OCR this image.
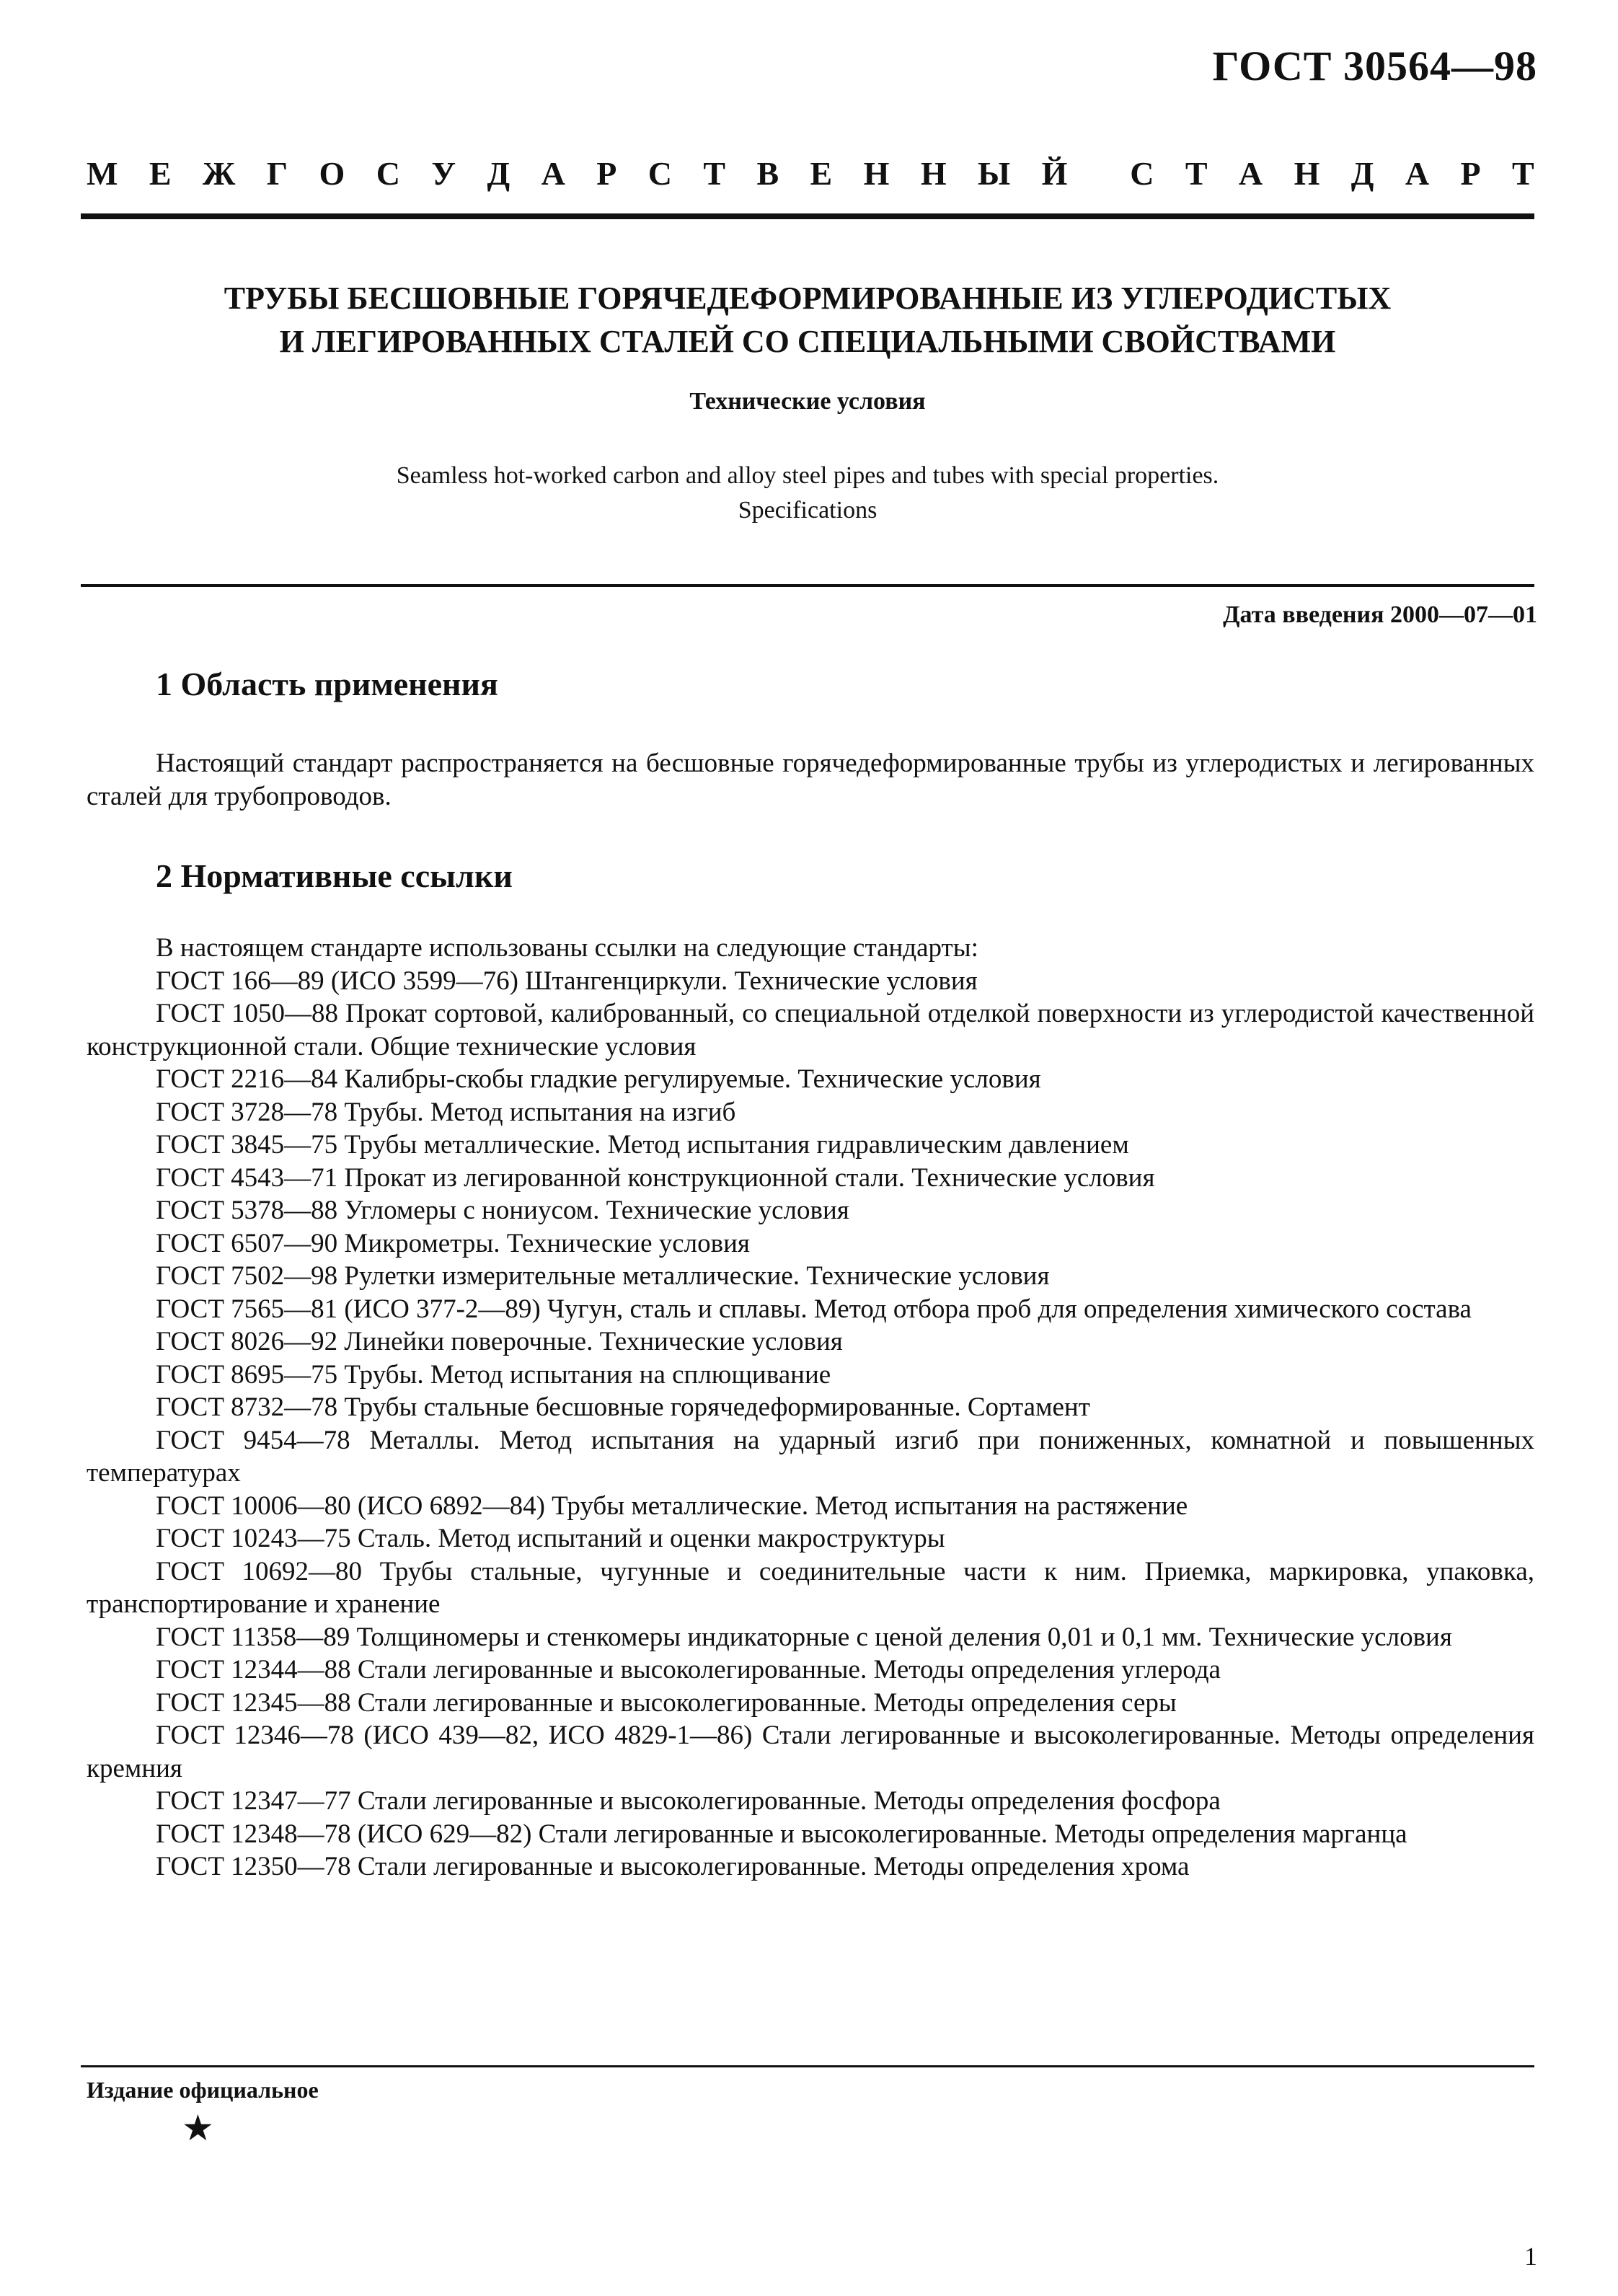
ГОСТ 30564—98
М Е Ж Г О С У Д А Р С Т В Е Н Н Ы Й С Т А Н Д А Р Т
ТРУБЫ БЕСШОВНЫЕ ГОРЯЧЕДЕФОРМИРОВАННЫЕ ИЗ УГЛЕРОДИСТЫХ
И ЛЕГИРОВАННЫХ СТАЛЕЙ СО СПЕЦИАЛЬНЫМИ СВОЙСТВАМИ
Технические условия
Seamless hot-worked carbon and alloy steel pipes and tubes with special properties.
Specifications
Дата введения 2000—07—01
1 Область применения

Настоящий стандарт распространяется на бесшовные горячедеформированные трубы из углеродистых и легированных сталей для трубопроводов.

2 Нормативные ссылки

В настоящем стандарте использованы ссылки на следующие стандарты:

ГОСТ 166—89 (ИСО 3599—76) Штангенциркули. Технические условия

ГОСТ 1050—88 Прокат сортовой, калиброванный, со специальной отделкой поверхности из углеродистой качественной конструкционной стали. Общие технические условия

ГОСТ 2216—84 Калибры-скобы гладкие регулируемые. Технические условия

ГОСТ 3728—78 Трубы. Метод испытания на изгиб

ГОСТ 3845—75 Трубы металлические. Метод испытания гидравлическим давлением

ГОСТ 4543—71 Прокат из легированной конструкционной стали. Технические условия

ГОСТ 5378—88 Угломеры с нониусом. Технические условия

ГОСТ 6507—90 Микрометры. Технические условия

ГОСТ 7502—98 Рулетки измерительные металлические. Технические условия

ГОСТ 7565—81 (ИСО 377-2—89) Чугун, сталь и сплавы. Метод отбора проб для определения химического состава

ГОСТ 8026—92 Линейки поверочные. Технические условия

ГОСТ 8695—75 Трубы. Метод испытания на сплющивание

ГОСТ 8732—78 Трубы стальные бесшовные горячедеформированные. Сортамент

ГОСТ 9454—78 Металлы. Метод испытания на ударный изгиб при пониженных, комнатной и повышенных температурах

ГОСТ 10006—80 (ИСО 6892—84) Трубы металлические. Метод испытания на растяжение

ГОСТ 10243—75 Сталь. Метод испытаний и оценки макроструктуры

ГОСТ 10692—80 Трубы стальные, чугунные и соединительные части к ним. Приемка, маркировка, упаковка, транспортирование и хранение

ГОСТ 11358—89 Толщиномеры и стенкомеры индикаторные с ценой деления 0,01 и 0,1 мм. Технические условия

ГОСТ 12344—88 Стали легированные и высоколегированные. Методы определения углерода

ГОСТ 12345—88 Стали легированные и высоколегированные. Методы определения серы

ГОСТ 12346—78 (ИСО 439—82, ИСО 4829-1—86) Стали легированные и высоколегированные. Методы определения кремния

ГОСТ 12347—77 Стали легированные и высоколегированные. Методы определения фосфора

ГОСТ 12348—78 (ИСО 629—82) Стали легированные и высоколегированные. Методы определения марганца

ГОСТ 12350—78 Стали легированные и высоколегированные. Методы определения хрома

Издание официальное
★
1
